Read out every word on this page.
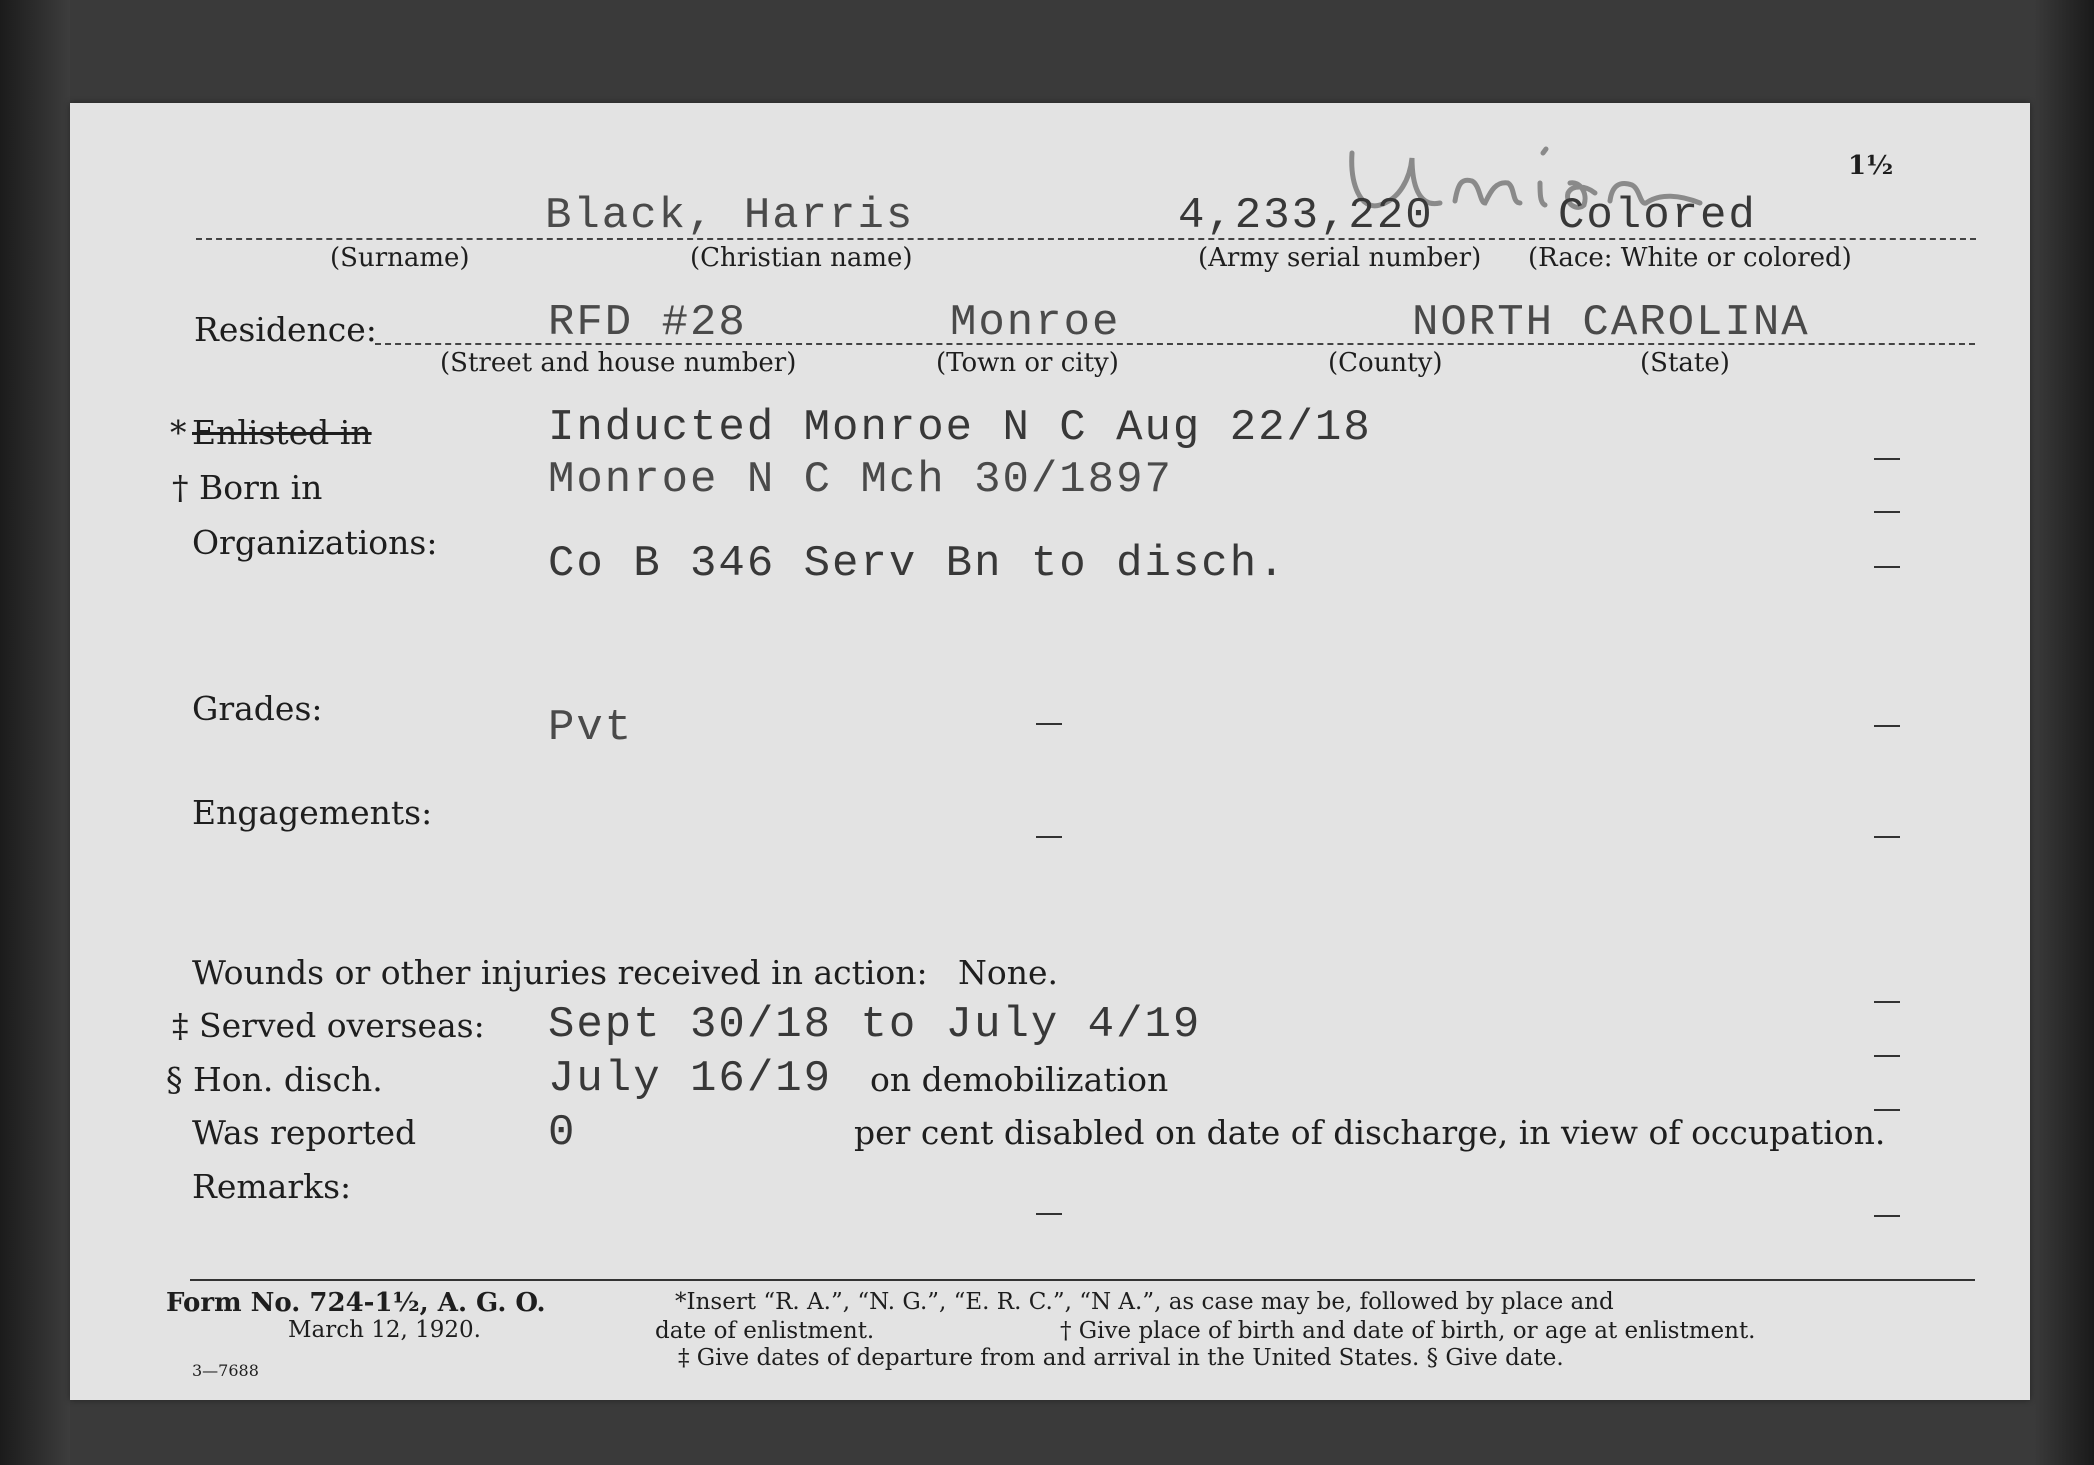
1½
Black, Harris	4,233,220	Colored
(Surname)	(Christian name)	(Army serial number) (Race: White or colored)
Residence:	RFD #28	Monroe	NORTH CAROLINA
(Street and house number)	(Town or city)	(County)	(State)
* Enlisted in	Inducted Monroe N C Aug 22/18
† Born in	Monroe N C Mch 30/1897
Organizations:	Co B 346 Serv Bn to disch.
Grades:	Pvt
Engagements:
Wounds or other injuries received in action: None.
‡ Served overseas: Sept 30/18 to July 4/19
§ Hon. disch.	July 16/19 on demobilization
Was reported	0	per cent disabled on date of discharge, in view of occupation.
Remarks:
Form No. 724-1½, A. G. O.
March 12, 1920.
3—7688
*Insert “R. A.”, “N. G.”, “E. R. C.”, “N A.”, as case may be, followed by place and
date of enlistment.	† Give place of birth and date of birth, or age at enlistment.
‡ Give dates of departure from and arrival in the United States. § Give date.
